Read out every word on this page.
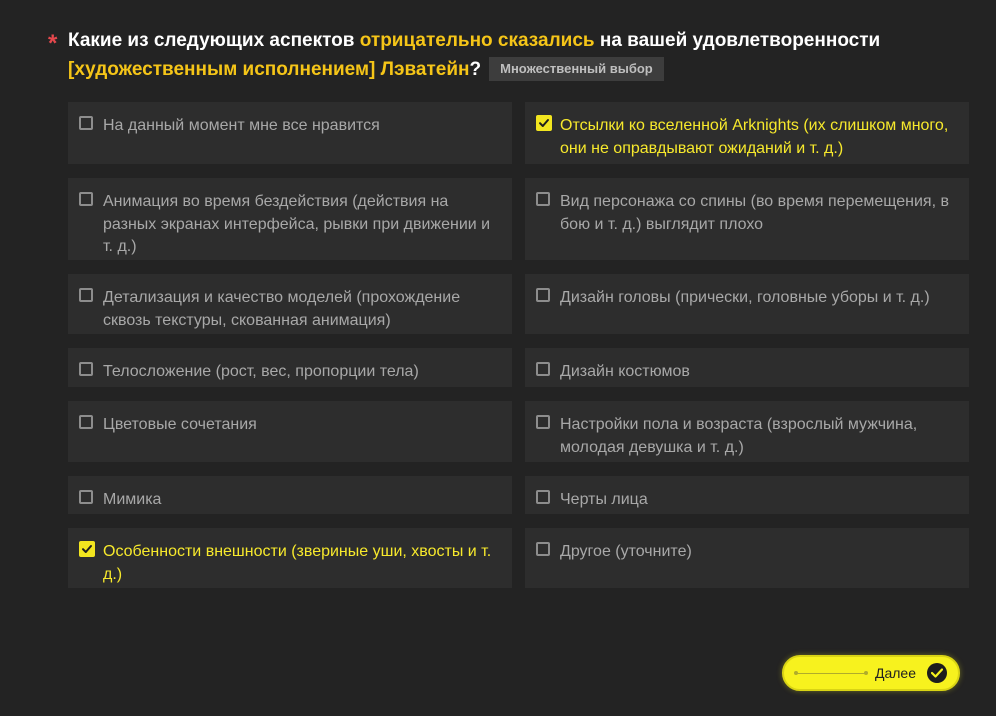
* Какие из следующих аспектов отрицательно сказались на вашей удовлетворенности [художественным исполнением] Лэватейн? Множественный выбор
На данный момент мне все нравится	Отсылки ко вселенной Arknights (их слишком много, они не оправдывают ожиданий и т. д.)
Анимация во время бездействия (действия на разных экранах интерфейса, рывки при движении и т. д.)
Вид персонажа со спины (во время перемещения, в бою и т. д.) выглядит плохо
Детализация и качество моделей (прохождение сквозь текстуры, скованная анимация)
Дизайн головы (прически, головные уборы и т. д.)
Телосложение (рост, вес, пропорции тела)	Дизайн костюмов
Цветовые сочетания	Настройки пола и возраста (взрослый мужчина, молодая девушка и т. д.)
Мимика	Черты лица
Особенности внешности (звериные уши, хвосты и т. д.)
Другое (уточните)
Далее
